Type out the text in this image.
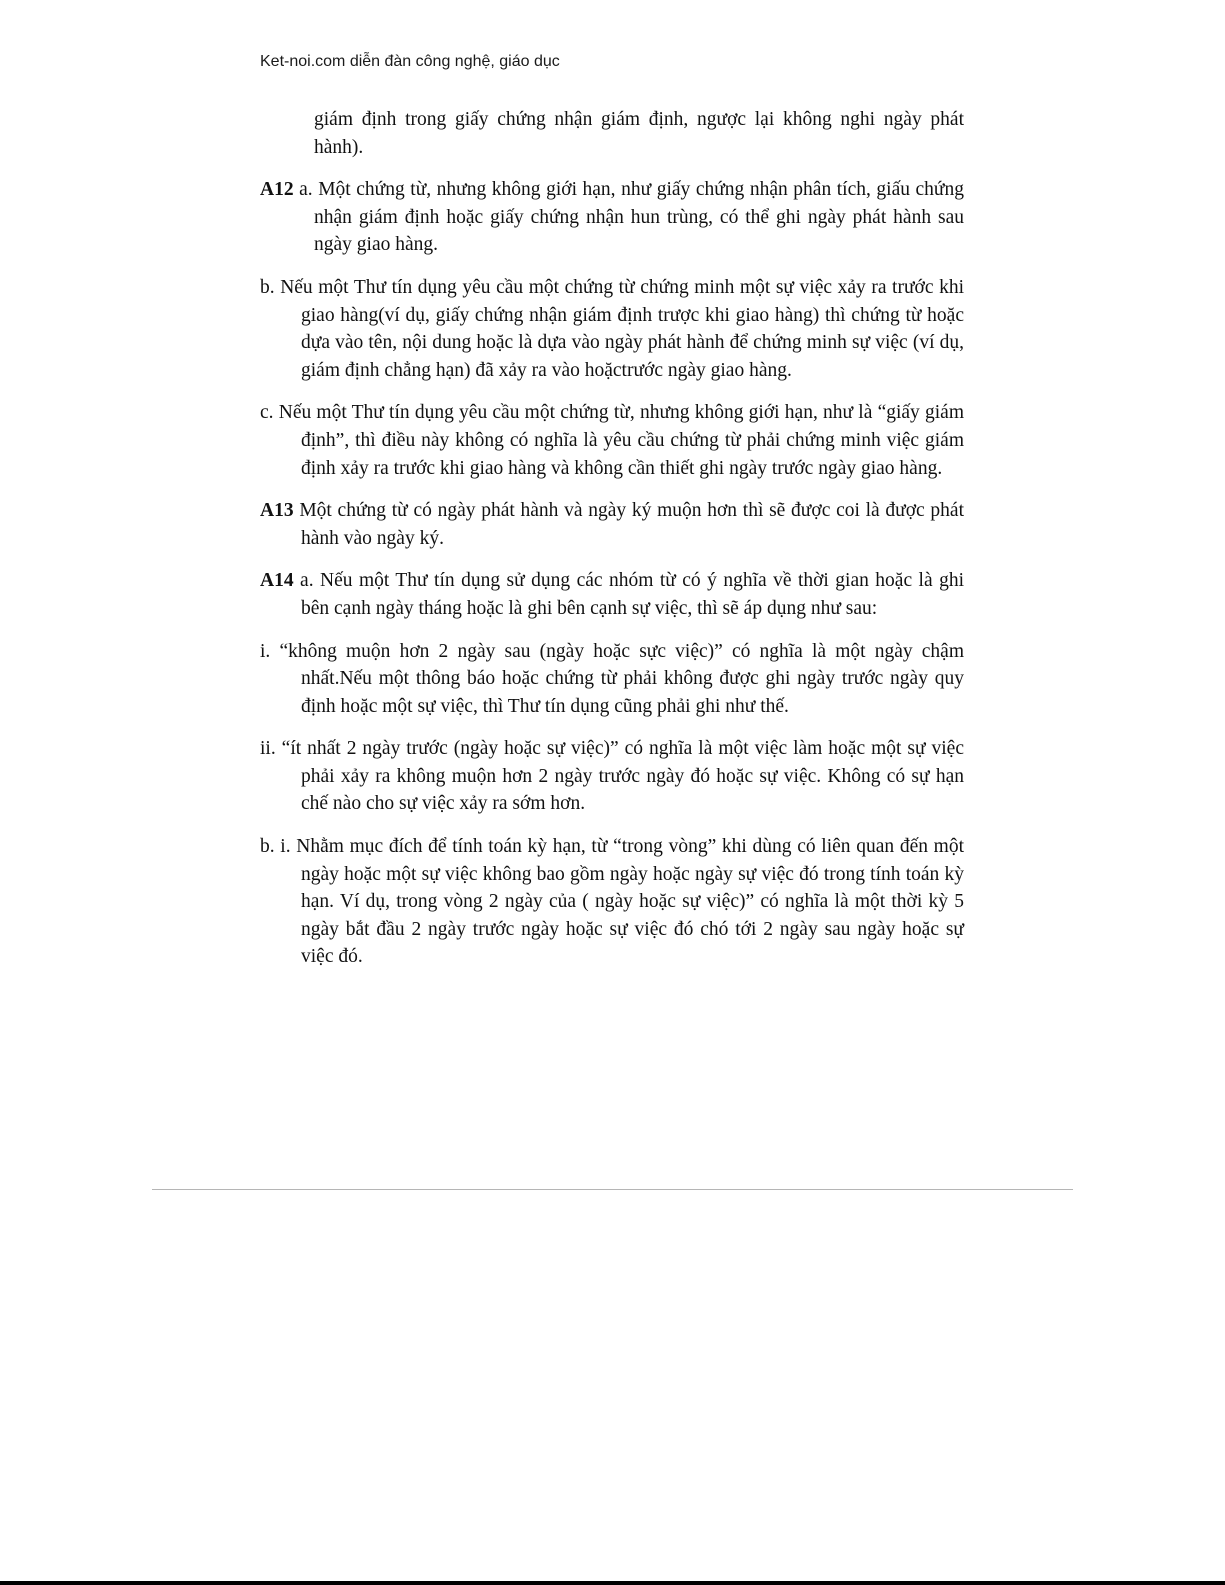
Ket-noi.com diễn đàn công nghệ, giáo dục

giám định trong giấy chứng nhận giám định, ngược lại không nghi ngày phát hành).

A12 a. Một chứng từ, nhưng không giới hạn, như giấy chứng nhận phân tích, giấu chứng nhận giám định hoặc giấy chứng nhận hun trùng, có thể ghi ngày phát hành sau ngày giao hàng.

b. Nếu một Thư tín dụng yêu cầu một chứng từ chứng minh một sự việc xảy ra trước khi giao hàng(ví dụ, giấy chứng nhận giám định trược khi giao hàng) thì chứng từ hoặc dựa vào tên, nội dung hoặc là dựa vào ngày phát hành để chứng minh sự việc (ví dụ, giám định chẳng hạn) đã xảy ra vào hoặctrước ngày giao hàng.

c. Nếu một Thư tín dụng yêu cầu một chứng từ, nhưng không giới hạn, như là “giấy giám định”, thì điều này không có nghĩa là yêu cầu chứng từ phải chứng minh việc giám định xảy ra trước khi giao hàng và không cần thiết ghi ngày trước ngày giao hàng.

A13 Một chứng từ có ngày phát hành và ngày ký muộn hơn thì sẽ được coi là được phát hành vào ngày ký.

A14 a. Nếu một Thư tín dụng sử dụng các nhóm từ có ý nghĩa về thời gian hoặc là ghi bên cạnh ngày tháng hoặc là ghi bên cạnh sự việc, thì sẽ áp dụng như sau:

i. “không muộn hơn 2 ngày sau (ngày hoặc sực việc)” có nghĩa là một ngày chậm nhất.Nếu một thông báo hoặc chứng từ phải không được ghi ngày trước ngày quy định hoặc một sự việc, thì Thư tín dụng cũng phải ghi như thế.

ii. “ít nhất 2 ngày trước (ngày hoặc sự việc)” có nghĩa là một việc làm hoặc một sự việc phải xảy ra không muộn hơn 2 ngày trước ngày đó hoặc sự việc. Không có sự hạn chế nào cho sự việc xảy ra sớm hơn.

b. i. Nhằm mục đích để tính toán kỳ hạn, từ “trong vòng” khi dùng có liên quan đến một ngày hoặc một sự việc không bao gồm ngày hoặc ngày sự việc đó trong tính toán kỳ hạn. Ví dụ, trong vòng 2 ngày của ( ngày hoặc sự việc)” có nghĩa là một thời kỳ 5 ngày bắt đầu 2 ngày trước ngày hoặc sự việc đó chó tới 2 ngày sau ngày hoặc sự việc đó.
